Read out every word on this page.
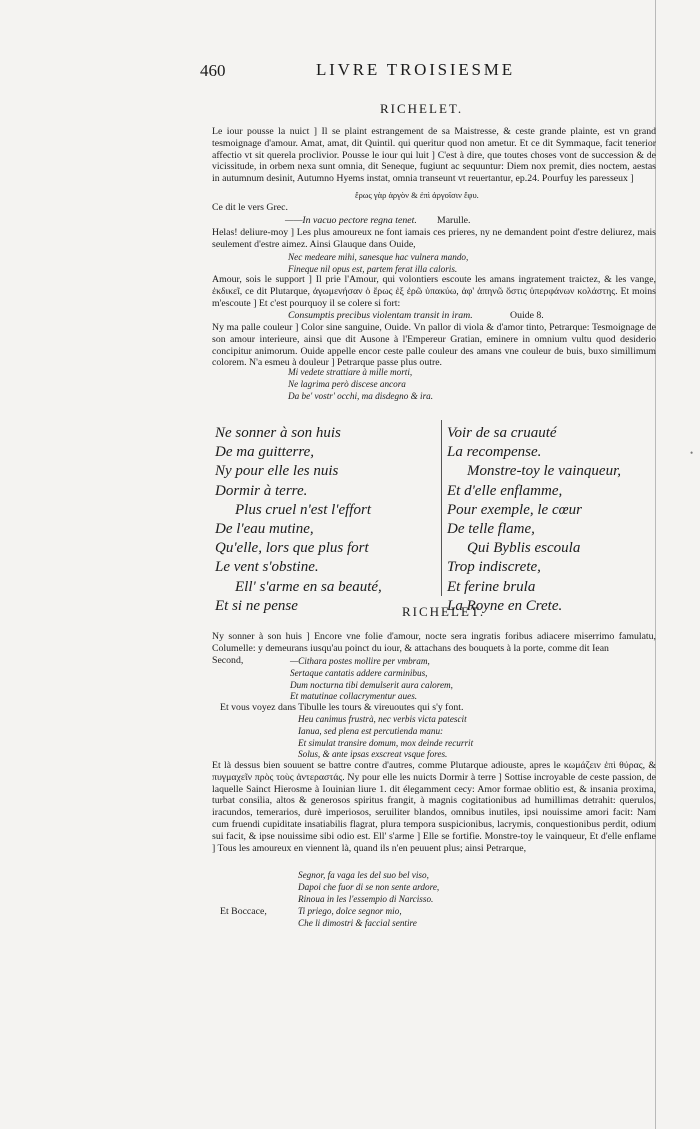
•
460	LIVRE TROISIESME
RICHELET.
Le iour pousse la nuict ] Il se plaint estrangement de sa Maistresse, & ceste grande plainte, est vn grand tesmoignage d'amour. Amat, amat, dit Quintil. qui queritur quod non ametur. Et ce dit Symmaque, facit tenerior affectio vt sit querela proclivior. Pousse le iour qui luit ] C'est à dire, que toutes choses vont de succession & de vicissitude, in orbem nexa sunt omnia, dit Seneque, fugiunt ac sequuntur: Diem nox premit, dies noctem, aestas in autumnum desinit, Autumno Hyems instat, omnia transeunt vt reuertantur, ep.24. Pourfuy les paresseux ]
ἔρως γὰρ ἀργὸν & ἐπὶ ἀργοῖσιν ἔφυ.
Ce dit le vers Grec.
——In vacuo pectore regna tenet. Marulle.
Helas! deliure-moy ] Les plus amoureux ne font iamais ces prieres, ny ne demandent point d'estre deliurez, mais seulement d'estre aimez. Ainsi Glauque dans Ouide,
Nec medeare mihi, sanesque hac vulnera mando,
Fineque nil opus est, partem ferat illa caloris.
Amour, sois le support ] Il prie l'Amour, qui volontiers escoute les amans ingratement traictez, & les vange, ἐκδικεῖ, ce dit Plutarque, ἀγωμενήσαν ὁ ἔρως ἐξ ἐρῶ ὑπακύω, ἀφ' ἀπηνῶ ὅστις ὑπερφάνων κολάστης. Et moins m'escoute ] Et c'est pourquoy il se colere si fort:
Consumptis precibus violentam transit in iram.	Ouide 8.
Ny ma palle couleur ] Color sine sanguine, Ouide. Vn pallor di viola & d'amor tinto, Petrarque: Tesmoignage de son amour interieure, ainsi que dit Ausone à l'Empereur Gratian, eminere in omnium vultu quod desiderio concipitur animorum. Ouide appelle encor ceste palle couleur des amans vne couleur de buis, buxo simillimum colorem. N'a esmeu à douleur ] Petrarque passe plus outre.
Mi vedete strattiare à mille morti,
Ne lagrima però discese ancora
Da be' vostr' occhi, ma disdegno & ira.
Ne sonner à son huis
De ma guitterre,
Ny pour elle les nuis
Dormir à terre.
Plus cruel n'est l'effort
De l'eau mutine,
Qu'elle, lors que plus fort
Le vent s'obstine.
Ell' s'arme en sa beauté,
Et si ne pense
Voir de sa cruauté
La recompense.
Monstre-toy le vainqueur,
Et d'elle enflamme,
Pour exemple, le cœur
De telle flame,
Qui Byblis escoula
Trop indiscrete,
Et ferine brula
La Royne en Crete.
RICHELET.
Ny sonner à son huis ] Encore vne folie d'amour, nocte sera ingratis foribus adiacere miserrimo famulatu, Columelle: y demeurans iusqu'au poinct du iour, & attachans des bouquets à la porte, comme dit Iean
Second,	—Cithara postes mollire per vmbram,
Sertaque cantatis addere carminibus,
Dum nocturna tibi demulserit aura calorem,
Et matutinae collacrymentur aues.
Et vous voyez dans Tibulle les tours & vireuoutes qui s'y font.
Heu canimus frustrà, nec verbis victa patescit
Ianua, sed plena est percutienda manu:
Et simulat transire domum, mox deinde recurrit
Solus, & ante ipsas exscreat vsque fores.
Et là dessus bien souuent se battre contre d'autres, comme Plutarque adiouste, apres le κωμάζειν ἐπὶ θύρας, & πυγμαχεῖν πρὸς τοὺς ἀντεραστάς. Ny pour elle les nuicts Dormir à terre ] Sottise incroyable de ceste passion, de laquelle Sainct Hierosme à Iouinian liure 1. dit élegamment cecy: Amor formae oblitio est, & insania proxima, turbat consilia, altos & generosos spiritus frangit, à magnis cogitationibus ad humillimas detrahit: querulos, iracundos, temerarios, durè imperiosos, seruiliter blandos, omnibus inutiles, ipsi nouissime amori facit: Nam cum fruendi cupiditate insatiabilis flagrat, plura tempora suspicionibus, lacrymis, conquestionibus perdit, odium sui facit, & ipse nouissime sibi odio est. Ell' s'arme ] Elle se fortifie. Monstre-toy le vainqueur, Et d'elle enflame ] Tous les amoureux en viennent là, quand ils n'en peuuent plus; ainsi Petrarque,
Segnor, fa vaga les del suo bel viso,
Dapoi che fuor di se non sente ardore,
Rinoua in les l'essempio di Narcisso.
Et Boccace,	Ti priego, dolce segnor mio,
Che li dimostri & faccial sentire
